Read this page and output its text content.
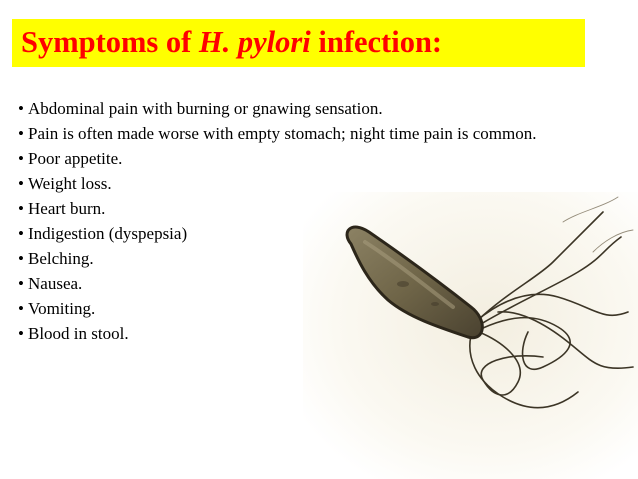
Symptoms of H. pylori infection:
• Abdominal pain with burning or gnawing sensation.
• Pain is often made worse with empty stomach; night time pain is common.
• Poor appetite.
• Weight loss.
• Heart burn.
• Indigestion (dyspepsia)
• Belching.
• Nausea.
• Vomiting.
• Blood in stool.
